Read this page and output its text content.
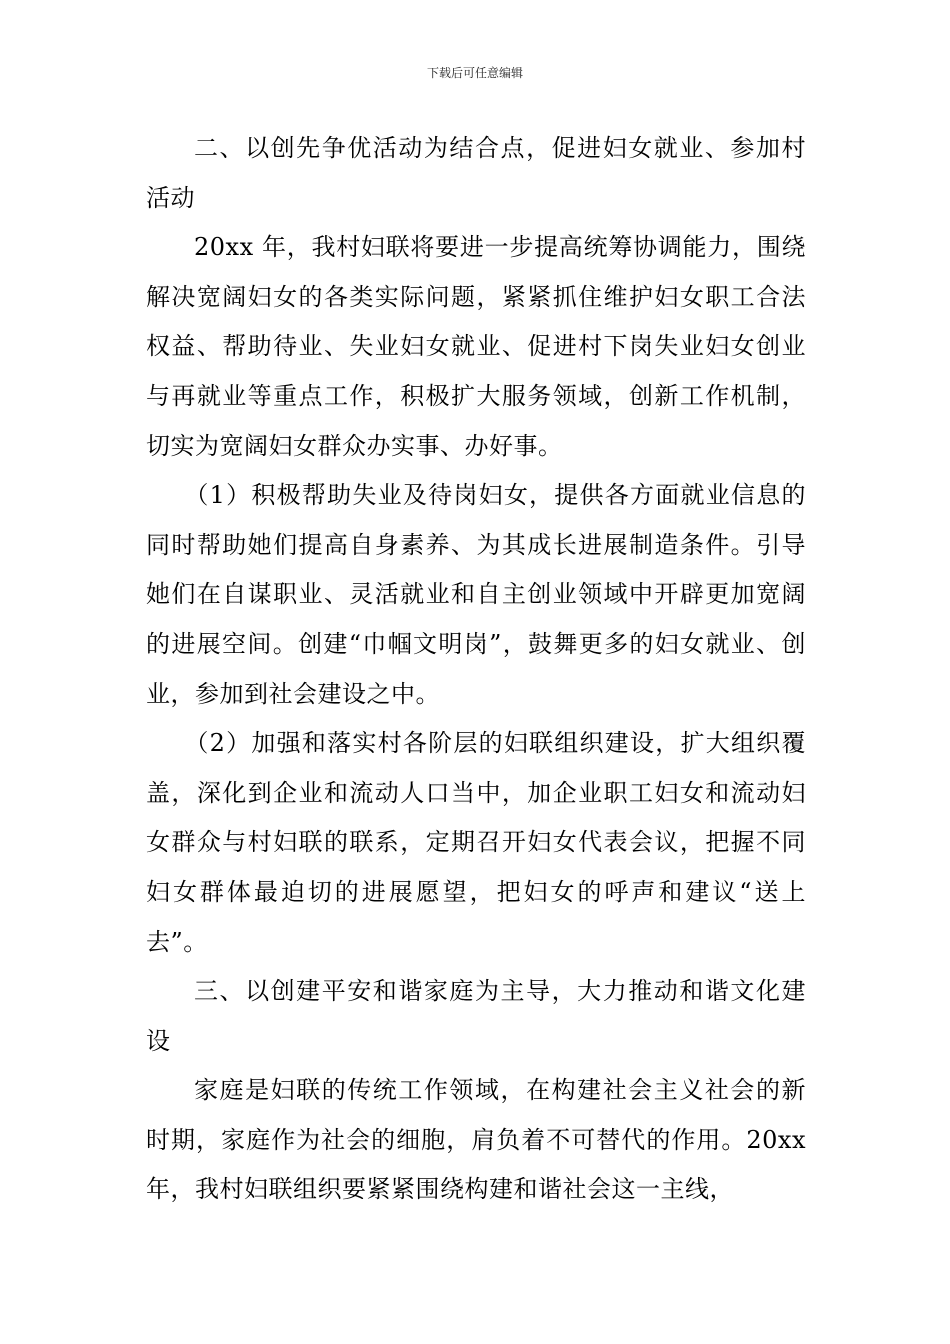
下载后可任意编辑

二、以创先争优活动为结合点，促进妇女就业、参加村活动

20xx 年，我村妇联将要进一步提高统筹协调能力，围绕解决宽阔妇女的各类实际问题，紧紧抓住维护妇女职工合法权益、帮助待业、失业妇女就业、促进村下岗失业妇女创业与再就业等重点工作，积极扩大服务领域，创新工作机制，切实为宽阔妇女群众办实事、办好事。

（1）积极帮助失业及待岗妇女，提供各方面就业信息的同时帮助她们提高自身素养、为其成长进展制造条件。引导她们在自谋职业、灵活就业和自主创业领域中开辟更加宽阔的进展空间。创建“巾帼文明岗”，鼓舞更多的妇女就业、创业，参加到社会建设之中。

（2）加强和落实村各阶层的妇联组织建设，扩大组织覆盖，深化到企业和流动人口当中，加企业职工妇女和流动妇女群众与村妇联的联系，定期召开妇女代表会议，把握不同妇女群体最迫切的进展愿望，把妇女的呼声和建议“送上去”。

三、以创建平安和谐家庭为主导，大力推动和谐文化建设

家庭是妇联的传统工作领域，在构建社会主义社会的新时期，家庭作为社会的细胞，肩负着不可替代的作用。20xx 年，我村妇联组织要紧紧围绕构建和谐社会这一主线，
